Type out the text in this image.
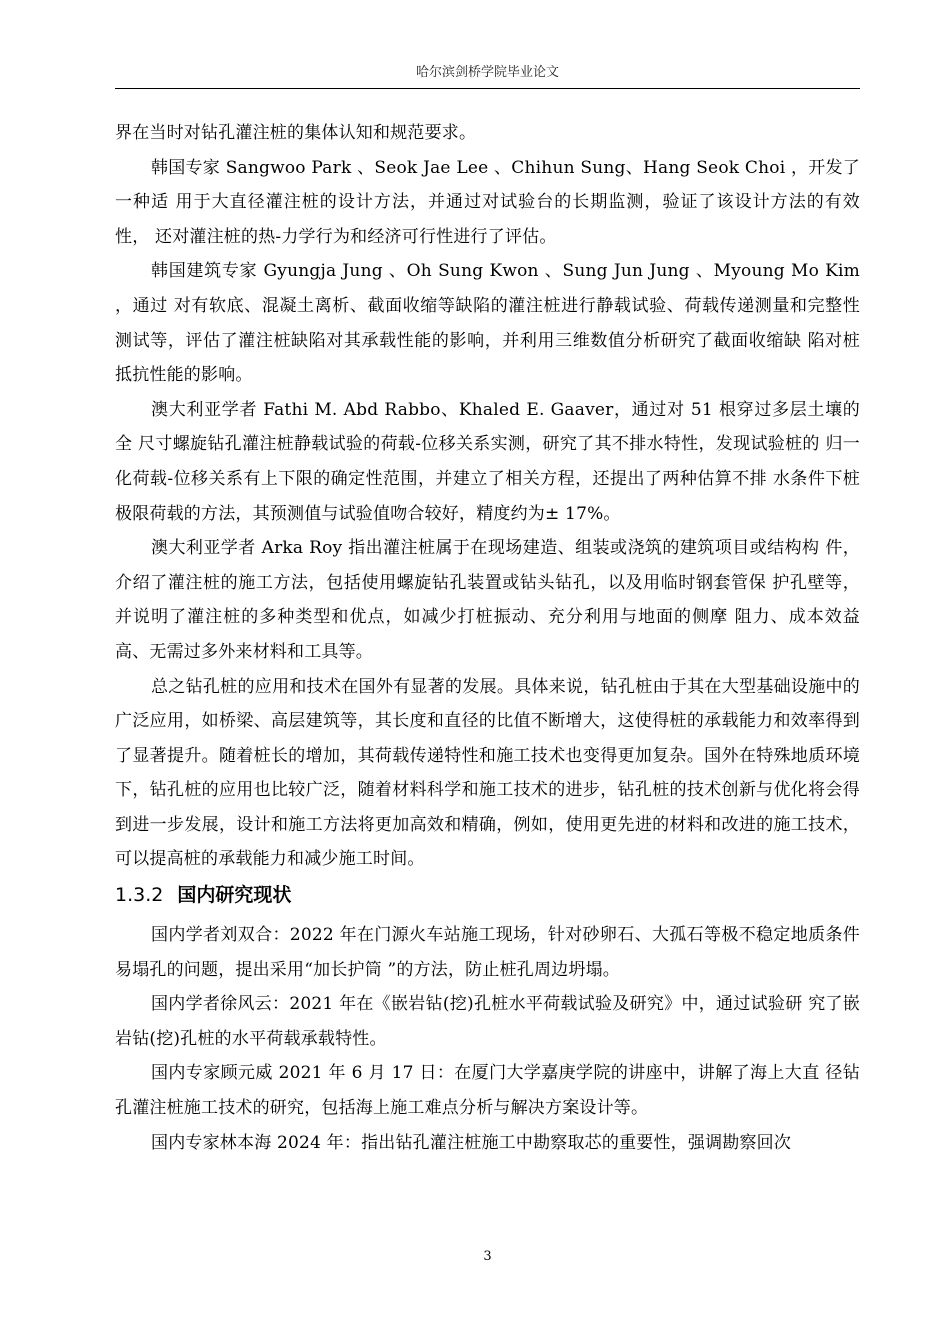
哈尔滨剑桥学院毕业论文

界在当时对钻孔灌注桩的集体认知和规范要求。

韩国专家 Sangwoo Park 、Seok Jae Lee 、Chihun Sung、Hang Seok Choi ，开发了一种适 用于大直径灌注桩的设计方法，并通过对试验台的长期监测，验证了该设计方法的有效性， 还对灌注桩的热-力学行为和经济可行性进行了评估。

韩国建筑专家 Gyungja Jung 、Oh Sung Kwon 、Sung Jun Jung 、Myoung Mo Kim ，通过 对有软底、混凝土离析、截面收缩等缺陷的灌注桩进行静载试验、荷载传递测量和完整性 测试等，评估了灌注桩缺陷对其承载性能的影响，并利用三维数值分析研究了截面收缩缺 陷对桩抵抗性能的影响。

澳大利亚学者 Fathi M. Abd Rabbo、Khaled E. Gaaver，通过对 51 根穿过多层土壤的全 尺寸螺旋钻孔灌注桩静载试验的荷载-位移关系实测，研究了其不排水特性，发现试验桩的 归一化荷载-位移关系有上下限的确定性范围，并建立了相关方程，还提出了两种估算不排 水条件下桩极限荷载的方法，其预测值与试验值吻合较好，精度约为± 17%。

澳大利亚学者 Arka Roy 指出灌注桩属于在现场建造、组装或浇筑的建筑项目或结构构 件，介绍了灌注桩的施工方法，包括使用螺旋钻孔装置或钻头钻孔，以及用临时钢套管保 护孔壁等，并说明了灌注桩的多种类型和优点，如减少打桩振动、充分利用与地面的侧摩 阻力、成本效益高、无需过多外来材料和工具等。

总之钻孔桩的应用和技术在国外有显著的发展。具体来说，钻孔桩由于其在大型基础设施中的广泛应用，如桥梁、高层建筑等，其长度和直径的比值不断增大，这使得桩的承载能力和效率得到了显著提升。随着桩长的增加，其荷载传递特性和施工技术也变得更加复杂。国外在特殊地质环境下，钻孔桩的应用也比较广泛，随着材料科学和施工技术的进步，钻孔桩的技术创新与优化将会得到进一步发展，设计和施工方法将更加高效和精确，例如，使用更先进的材料和改进的施工技术，可以提高桩的承载能力和减少施工时间。

1.3.2 国内研究现状

国内学者刘双合：2022 年在门源火车站施工现场，针对砂卵石、大孤石等极不稳定地质条件易塌孔的问题，提出采用“加长护筒 ”的方法，防止桩孔周边坍塌。

国内学者徐风云：2021 年在《嵌岩钻(挖)孔桩水平荷载试验及研究》中，通过试验研 究了嵌岩钻(挖)孔桩的水平荷载承载特性。

国内专家顾元威 2021 年 6 月 17 日：在厦门大学嘉庚学院的讲座中，讲解了海上大直 径钻孔灌注桩施工技术的研究，包括海上施工难点分析与解决方案设计等。

国内专家林本海 2024 年：指出钻孔灌注桩施工中勘察取芯的重要性，强调勘察回次

3
